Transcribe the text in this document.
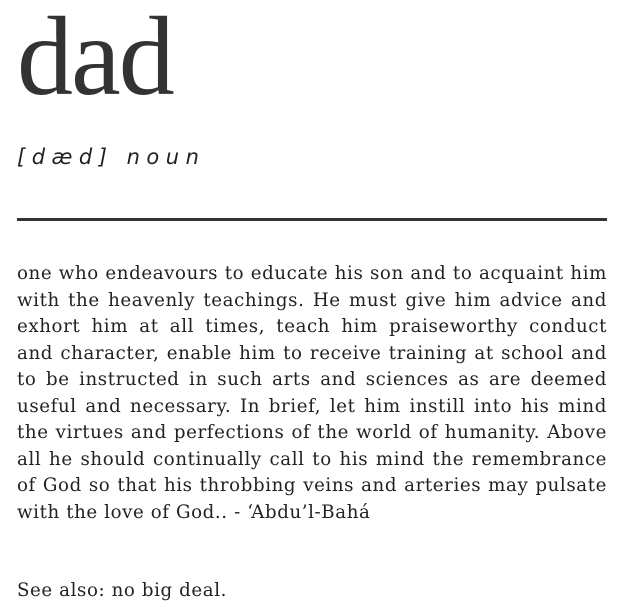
dad

[dæd] noun

one who endeavours to educate his son and to acquaint him with the heavenly teachings. He must give him advice and exhort him at all times, teach him praiseworthy conduct and character, enable him to receive training at school and to be instructed in such arts and sciences as are deemed useful and necessary. In brief, let him instill into his mind the virtues and perfections of the world of humanity. Above all he should continually call to his mind the remembrance of God so that his throbbing veins and arteries may pulsate with the love of God.. - ‘Abdu’l-Bahá

See also: no big deal.
